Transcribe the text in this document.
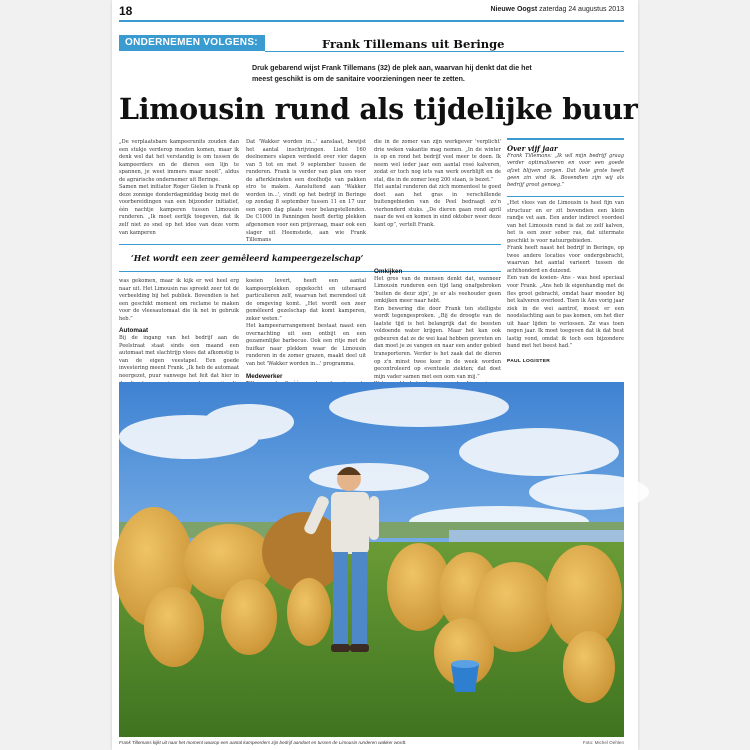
18	Nieuwe Oogst zaterdag 24 augustus 2013
ONDERNEMEN VOLGENS:	Frank Tillemans uit Beringe
Druk gebarend wijst Frank Tillemans (32) de plek aan, waarvan hij denkt dat die het meest geschikt is om de sanitaire voorzieningen neer te zetten.
Limousin rund als tijdelijke buur

„De verplaatsbare kampeerunits zouden dan een stukje verderop moeten komen, maar ik denk wel dat het verstandig is om tussen de kampeerders en de dieren een lijn te spannen, je weet immers maar nooit”, aldus de agrarische ondernemer uit Beringe.

Samen met initiator Roger Gielen is Frank op deze zonnige donderdagmiddag bezig met de voorbereidingen van een bijzonder initiatief, één nachtje kamperen tussen Limousin runderen. „Ik moet eerlijk toegeven, dat ik zelf niet zo snel op het idee van deze vorm van kamperen

Dat 'Wakker worden in...' aanslaat, bewijst het aantal inschrijvingen. Liefst 160 deelnemers slapen verdeeld over vier dagen van 5 tot en met 9 september tussen de runderen. Frank is verder van plan om voor de afterkleinsten een doolhofje van pakken stro te maken. Aansluitend aan 'Wakker worden in...', vindt op het bedrijf in Beringe op zondag 8 september tussen 11 en 17 uur een open dag plaats voor belangstellenden. De C1000 in Panningen heeft dertig plekken afgenomen voor een prijsvraag, maar ook een slager uit Heemstede, aan wie Frank Tillemans

‘Het wordt een zeer gemêleerd kampeergezelschap’

was gekomen, maar ik kijk er wel heel erg naar uit. Het Limousin ras spreekt zeer tot de verbeelding bij het publiek. Bovendien is het een geschikt moment om reclame te maken voor de vleesautomaat die ik net in gebruik heb.”

Automaat

Bij de ingang van het bedrijf aan de Peelstraat staat sinds een maand een automaat met slachtrijp vlees dat afkomstig is van de eigen veestapel. Een goede investering meent Frank. „Ik heb de automaat neergezet, puur vanwege het feit dat hier in

koeien levert, heeft een aantal kampeerplekken opgekocht en uiteraard particulieren zelf, waarvan het merendeel uit de omgeving komt. „Het wordt een zeer gemêleerd gezelschap dat komt kamperen, zeker weten.”

Het kampeerarrangement bestaat naast een overnachting uit een ontbijt en een gezamenlijke barbecue. Ook een ritje met de huifkar naar plekken waar de Limousin runderen in de zomer grazen, maakt deel uit van het 'Wakker worden in...' programma.

Medewerker

die in de zomer van zijn werkgever 'verplicht' drie weken vakantie mag nemen. „In de winter is op en rond het bedrijf veel meer te doen. Ik neem wel ieder jaar een aantal rosé kalveren, zodat er toch nog iets van werk overblijft en de stal, die in de zomer leeg 200 staan, is bezet.”

Het aantal runderen dat zich momenteel te goed doet aan het gras in verschillende buitengebieden van de Peel bedraagt zo'n vierhonderd stuks. „De dieren gaan rond april naar de wei en komen in eind oktober weer deze kant op”, vertelt Frank.

Omkijken

Het gros van de mensen denkt dat, wanneer Limousin runderen een tijd lang onafgebroken 'buiten de deur zijn', je er als veehouder geen omkijken meer naar hebt.

Een bewering die door Frank ten stelligste wordt tegengesproken. „Bij de droogte van de laatste tijd is het belangrijk dat de beesten voldoende water krijgen. Maar het kan ook gebeuren dat ze de wei kaal hebben gevreten en dan moet je ze vangen en naar een ander gebied transporteren. Verder is het zaak dat de dieren op z'n minst twee keer in de week worden gecontroleerd op eventuele ziekten; dat doet mijn vader samen met een oom van mij.”

Over vijf jaar
Frank Tillemans: „Ik wil mijn bedrijf graag verder optimaliseren en voor een goede afzet blijven zorgen. Dat hele grote heeft geen zin vind ik. Bovendien zijn wij als bedrijf groot genoeg.”

„Het vlees van de Limousin is heel fijn van structuur en er zit bovendien een klein randje vet aan. Een ander indirect voordeel van het Limousin rund is dat ze zelf kalven, het is een zeer sober ras, dat uitermate geschikt is voor natuurgebieden.

Frank heeft naast het bedrijf in Beringe, op twee andere locaties voor ondergebracht, waarvan het aantal varieert tussen de achthonderd en duizend.

Een van de koeien- Ans - was heel speciaal voor Frank. „Ans heb ik eigenhandig met de fles groot gebracht, omdat haar moeder bij het kalveren overleed. Toen ik Ans vorig jaar ziek in de wei aantrof, moest er een noodslachting aan te pas komen, om het dier uit haar lijden te verlossen. Ze was toen negen jaar. Ik moet toegeven dat ik dat best lastig vond, omdat ik toch een bijzondere band met het beest had.”

PAUL LOGISTER
Frank Tillemans kijkt uit naar het moment waarop een aantal kampeerders zijn bedrijf aandoet en tussen de Limousin runderen wakker wordt.	Foto: Michel Oehlen
